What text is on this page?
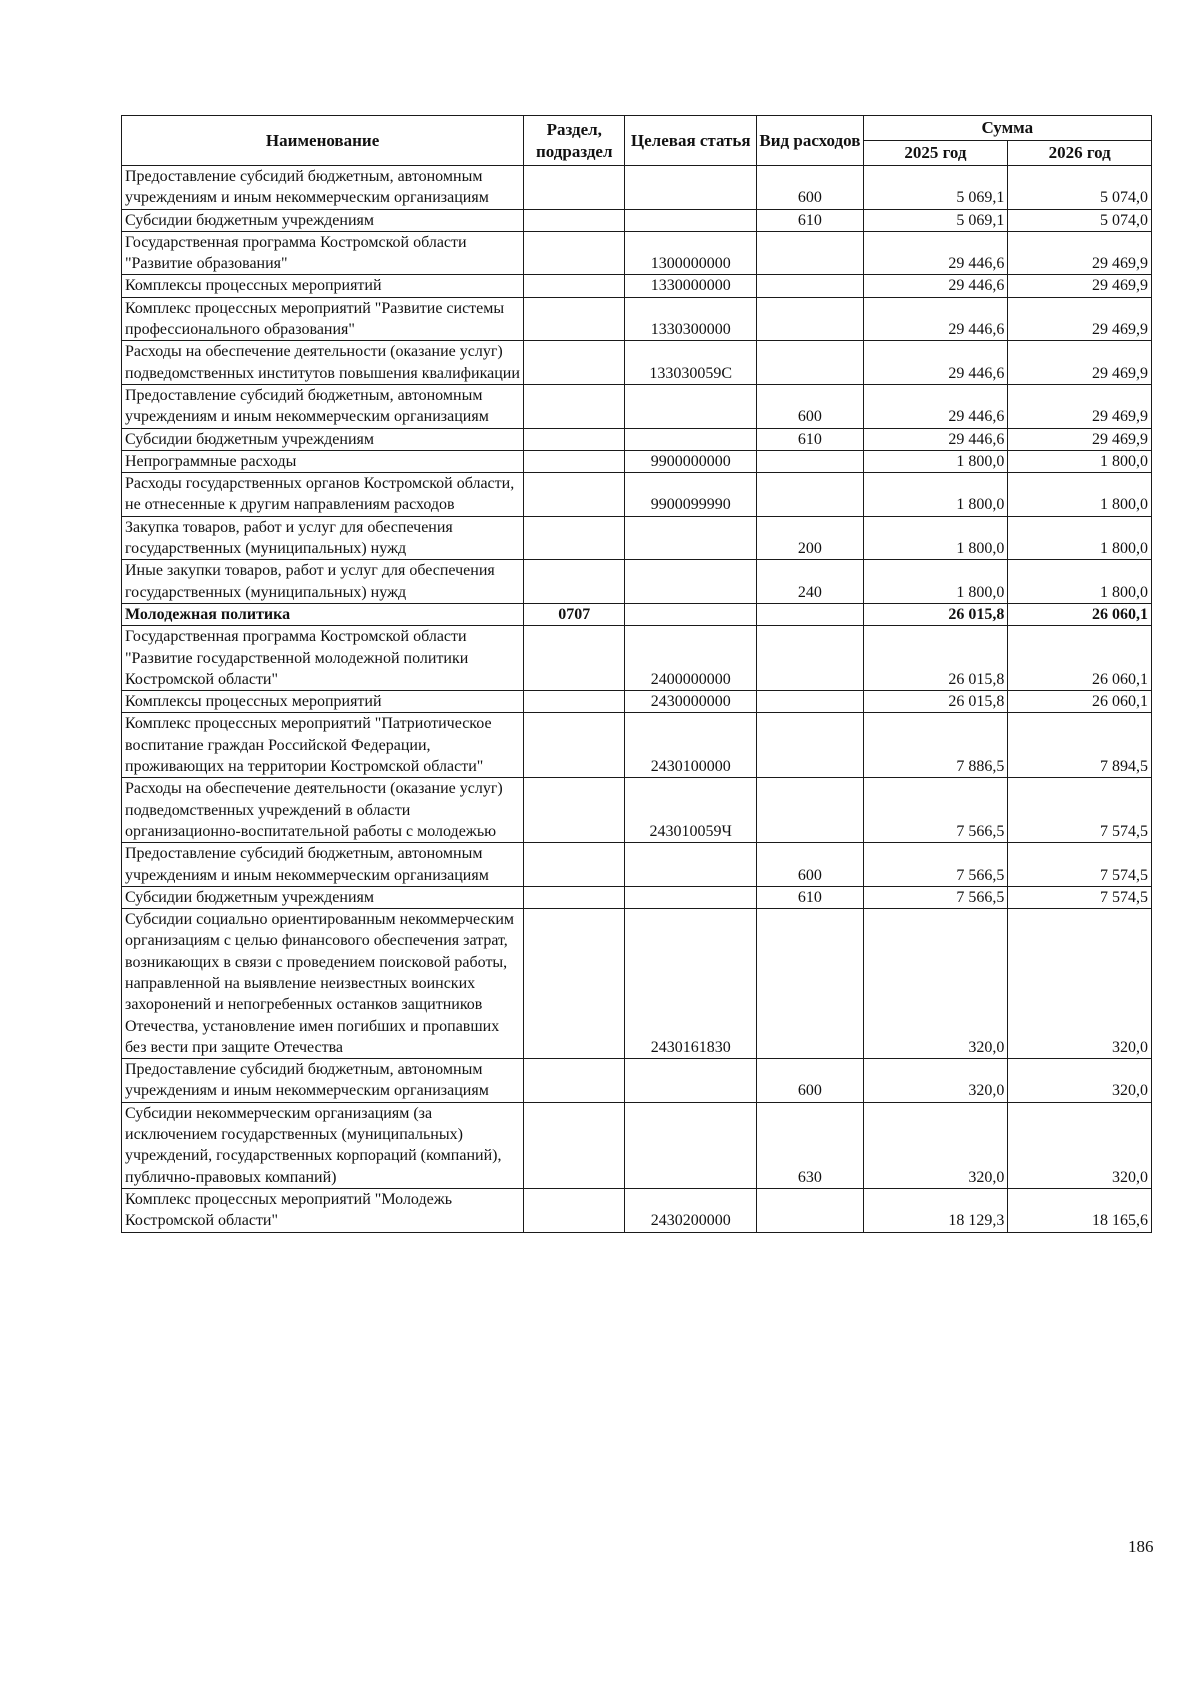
Наименование	Раздел, подраздел	Целевая статья	Вид расходов	Сумма	
				2025 год	2026 год
Предоставление субсидий бюджетным, автономным учреждениям и иным некоммерческим организациям			600	5 069,1	5 074,0
Субсидии бюджетным учреждениям			610	5 069,1	5 074,0
Государственная программа Костромской области "Развитие образования"		1300000000		29 446,6	29 469,9
Комплексы процессных мероприятий		1330000000		29 446,6	29 469,9
Комплекс процессных мероприятий "Развитие системы профессионального образования"		1330300000		29 446,6	29 469,9
Расходы на обеспечение деятельности (оказание услуг) подведомственных институтов повышения квалификации		133030059С		29 446,6	29 469,9
Предоставление субсидий бюджетным, автономным учреждениям и иным некоммерческим организациям			600	29 446,6	29 469,9
Субсидии бюджетным учреждениям			610	29 446,6	29 469,9
Непрограммные расходы		9900000000		1 800,0	1 800,0
Расходы государственных органов Костромской области, не отнесенные к другим направлениям расходов		9900099990		1 800,0	1 800,0
Закупка товаров, работ и услуг для обеспечения государственных (муниципальных) нужд			200	1 800,0	1 800,0
Иные закупки товаров, работ и услуг для обеспечения государственных (муниципальных) нужд			240	1 800,0	1 800,0
Молодежная политика	0707			26 015,8	26 060,1
Государственная программа Костромской области "Развитие государственной молодежной политики Костромской области"		2400000000		26 015,8	26 060,1
Комплексы процессных мероприятий		2430000000		26 015,8	26 060,1
Комплекс процессных мероприятий "Патриотическое воспитание граждан Российской Федерации, проживающих на территории Костромской области"		2430100000		7 886,5	7 894,5
Расходы на обеспечение деятельности (оказание услуг) подведомственных учреждений в области организационно-воспитательной работы с молодежью		243010059Ч		7 566,5	7 574,5
Предоставление субсидий бюджетным, автономным учреждениям и иным некоммерческим организациям			600	7 566,5	7 574,5
Субсидии бюджетным учреждениям			610	7 566,5	7 574,5
Субсидии социально ориентированным некоммерческим организациям с целью финансового обеспечения затрат, возникающих в связи с проведением поисковой работы, направленной на выявление неизвестных воинских захоронений и непогребенных останков защитников Отечества, установление имен погибших и пропавших без вести при защите Отечества		2430161830		320,0	320,0
Предоставление субсидий бюджетным, автономным учреждениям и иным некоммерческим организациям			600	320,0	320,0
Субсидии некоммерческим организациям (за исключением государственных (муниципальных) учреждений, государственных корпораций (компаний), публично-правовых компаний)			630	320,0	320,0
Комплекс процессных мероприятий "Молодежь Костромской области"		2430200000		18 129,3	18 165,6
186
